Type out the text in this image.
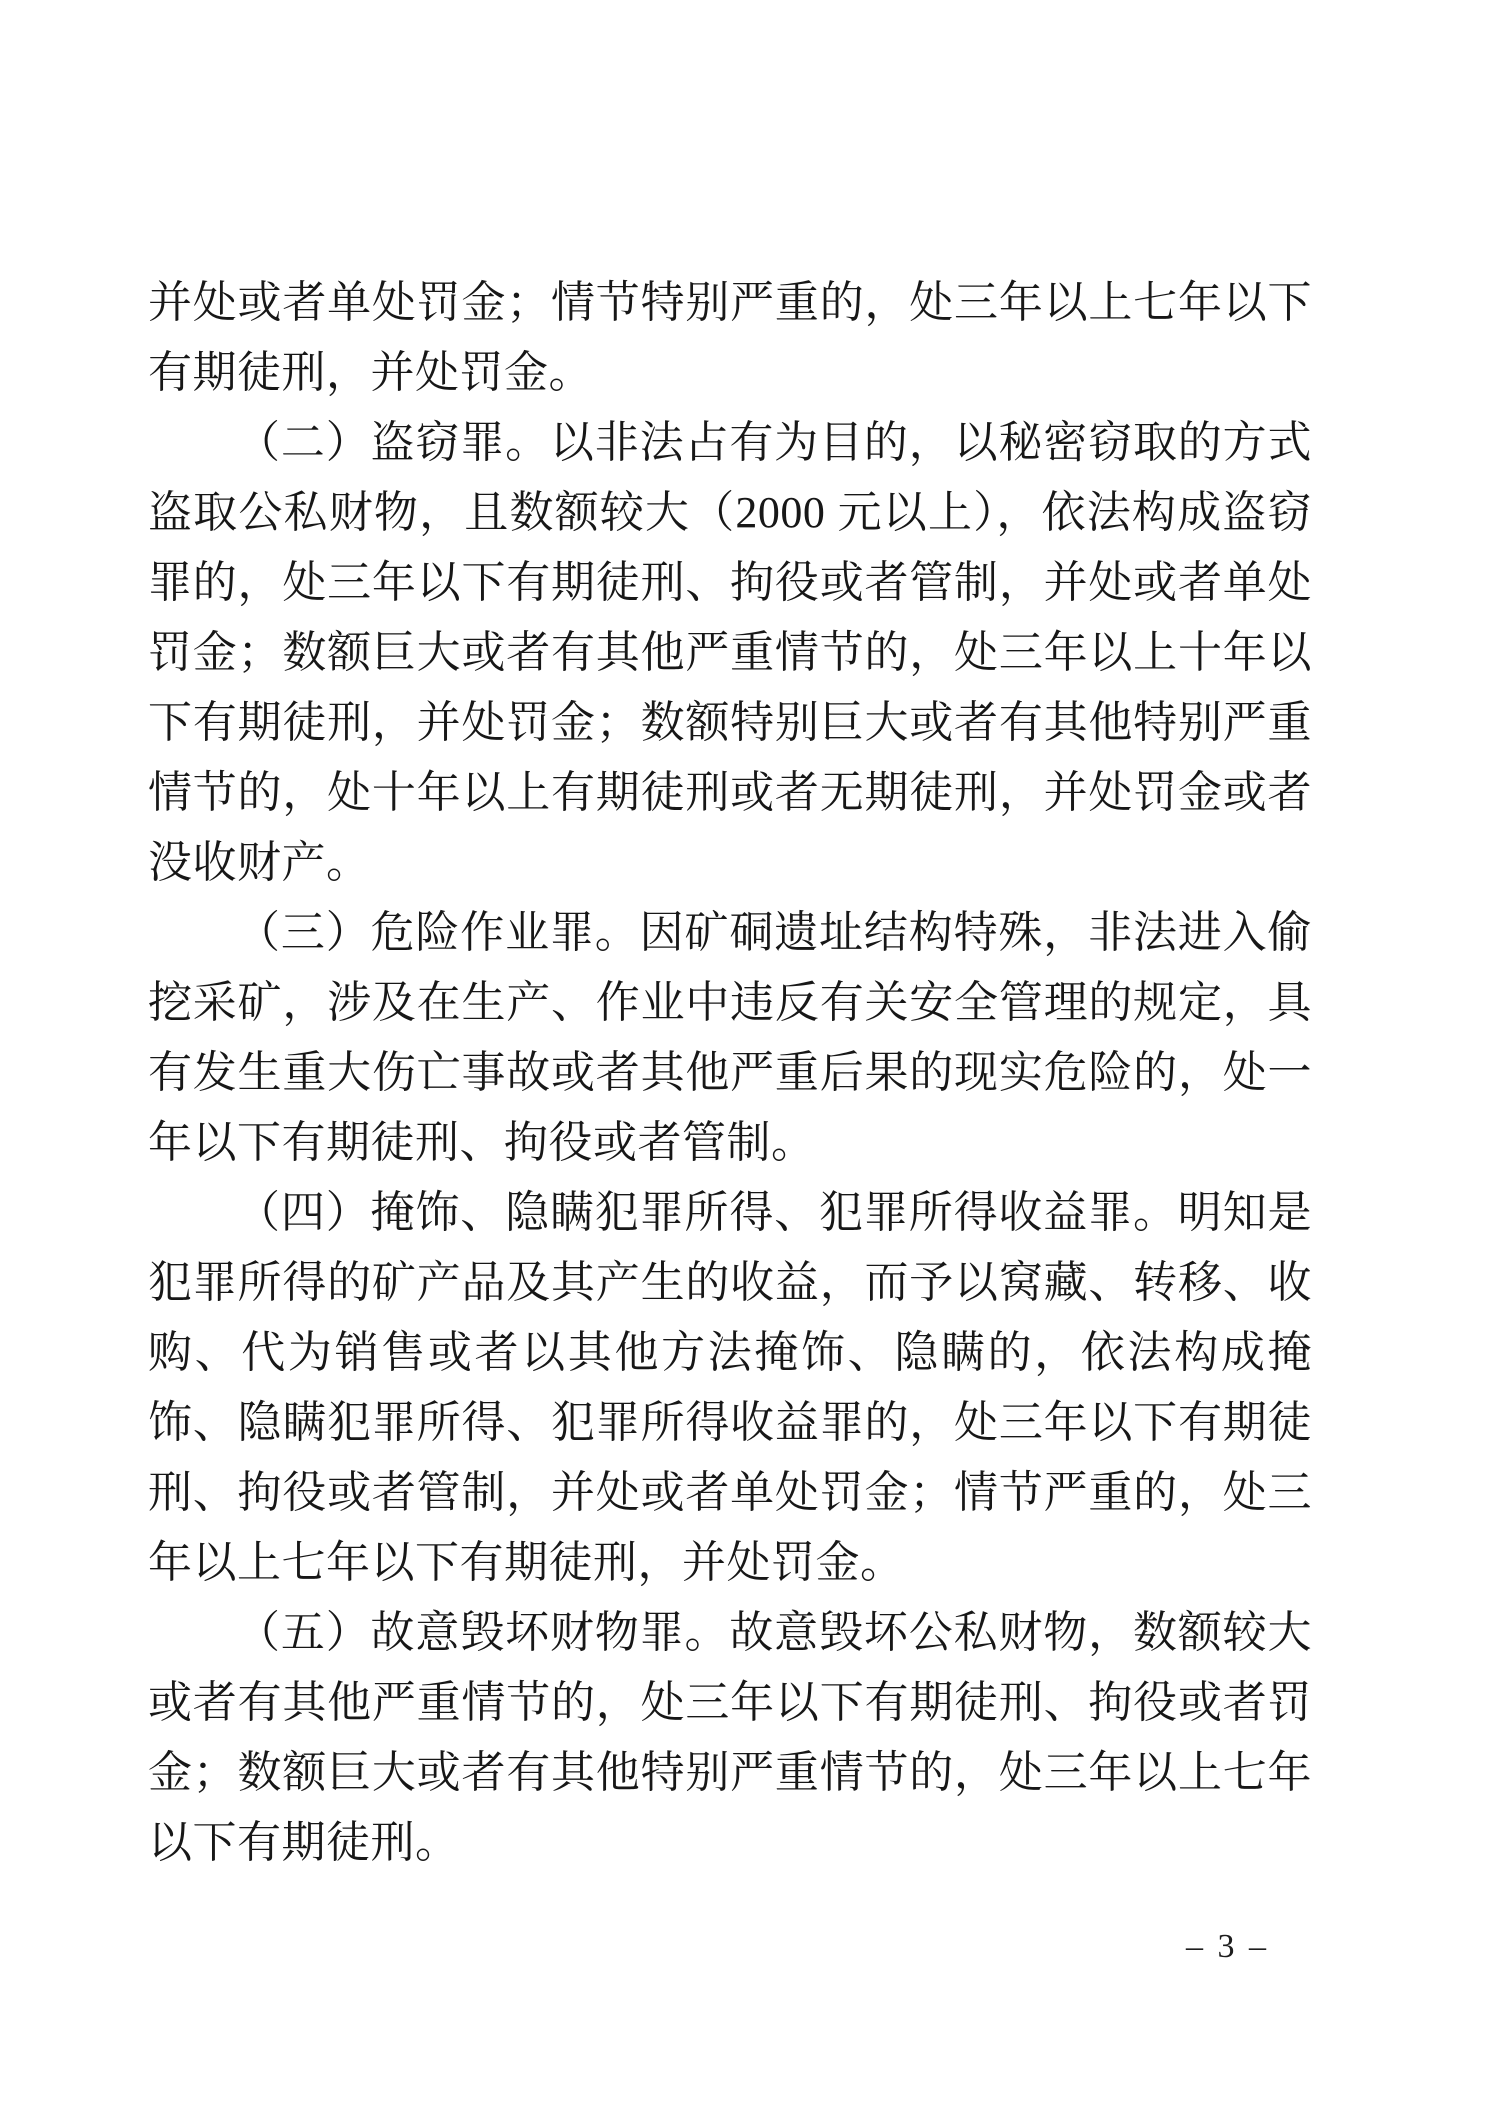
并处或者单处罚金；情节特别严重的，处三年以上七年以下有期徒刑，并处罚金。

（二）盗窃罪。以非法占有为目的，以秘密窃取的方式盗取公私财物，且数额较大（2000 元以上），依法构成盗窃罪的，处三年以下有期徒刑、拘役或者管制，并处或者单处罚金；数额巨大或者有其他严重情节的，处三年以上十年以下有期徒刑，并处罚金；数额特别巨大或者有其他特别严重情节的，处十年以上有期徒刑或者无期徒刑，并处罚金或者没收财产。

（三）危险作业罪。因矿硐遗址结构特殊，非法进入偷挖采矿，涉及在生产、作业中违反有关安全管理的规定，具有发生重大伤亡事故或者其他严重后果的现实危险的，处一年以下有期徒刑、拘役或者管制。

（四）掩饰、隐瞒犯罪所得、犯罪所得收益罪。明知是犯罪所得的矿产品及其产生的收益，而予以窝藏、转移、收购、代为销售或者以其他方法掩饰、隐瞒的，依法构成掩饰、隐瞒犯罪所得、犯罪所得收益罪的，处三年以下有期徒刑、拘役或者管制，并处或者单处罚金；情节严重的，处三年以上七年以下有期徒刑，并处罚金。

（五）故意毁坏财物罪。故意毁坏公私财物，数额较大或者有其他严重情节的，处三年以下有期徒刑、拘役或者罚金；数额巨大或者有其他特别严重情节的，处三年以上七年以下有期徒刑。

– 3 –
